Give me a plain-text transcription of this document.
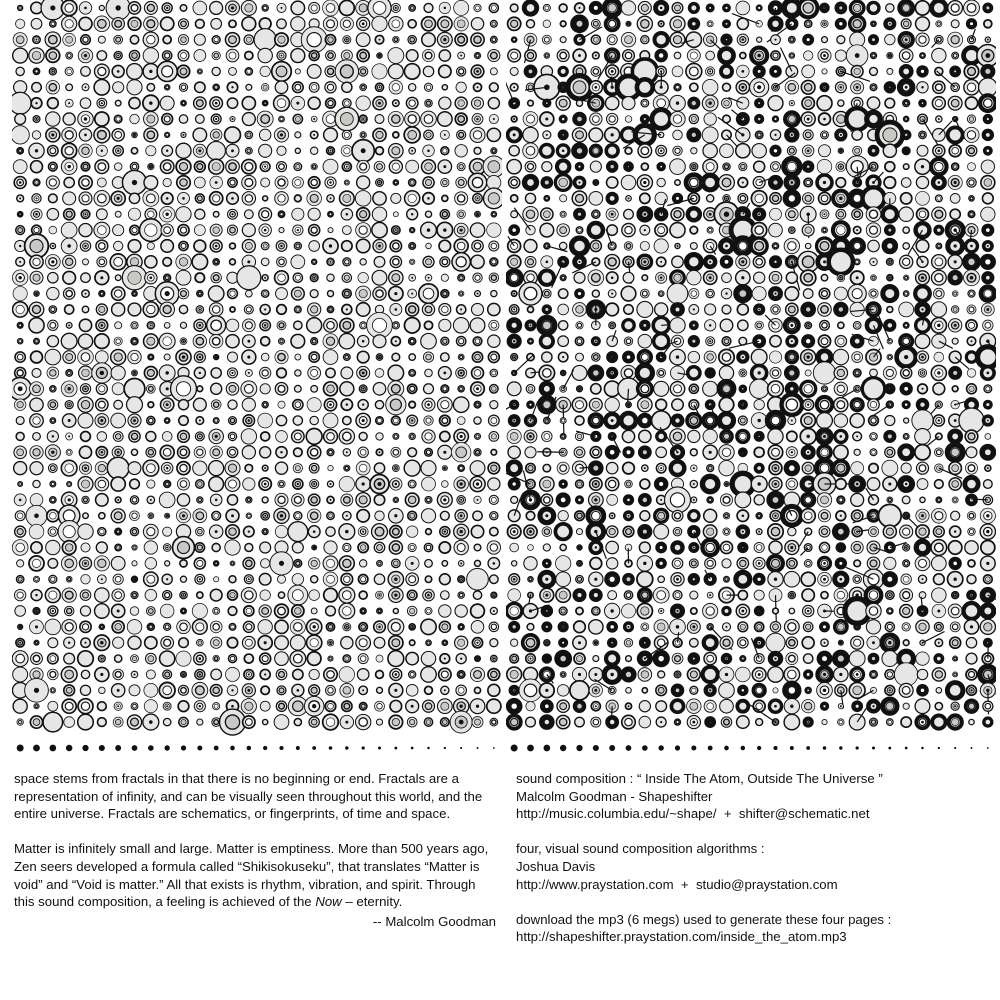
space stems from fractals in that there is no beginning or end. Fractals are a representation of infinity, and can be visually seen throughout this world, and the entire universe. Fractals are schematics, or fingerprints, of time and space.

Matter is infinitely small and large. Matter is emptiness. More than 500 years ago, Zen seers developed a formula called “Shikisokuseku”, that translates “Matter is void” and “Void is matter.” All that exists is rhythm, vibration, and spirit. Through this sound composition, a feeling is achieved of the Now – eternity.

-- Malcolm Goodman

sound composition : “ Inside The Atom, Outside The Universe ”
Malcolm Goodman - Shapeshifter
http://music.columbia.edu/~shape/ + shifter@schematic.net
four, visual sound composition algorithms :
Joshua Davis
http://www.praystation.com + studio@praystation.com
download the mp3 (6 megs) used to generate these four pages :
http://shapeshifter.praystation.com/inside_the_atom.mp3
